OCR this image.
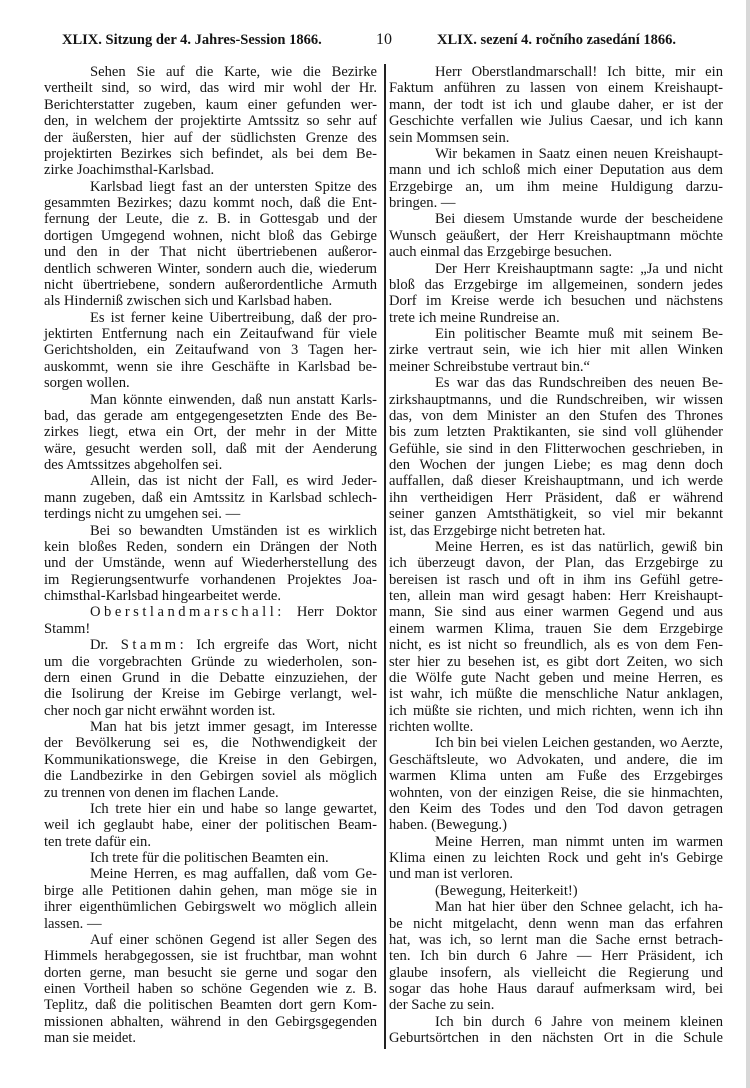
XLIX. Sitzung der 4. Jahres-Session 1866.	10	XLIX. sezení 4. ročního zasedání 1866.
Sehen Sie auf die Karte, wie die Bezirke
vertheilt sind, so wird, das wird mir wohl der Hr.
Berichterstatter zugeben, kaum einer gefunden wer-
den, in welchem der projektirte Amtssitz so sehr auf
der äußersten, hier auf der südlichsten Grenze des
projektirten Bezirkes sich befindet, als bei dem Be-
zirke Joachimsthal-Karlsbad.
Karlsbad liegt fast an der untersten Spitze des
gesammten Bezirkes; dazu kommt noch, daß die Ent-
fernung der Leute, die z. B. in Gottesgab und der
dortigen Umgegend wohnen, nicht bloß das Gebirge
und den in der That nicht übertriebenen außeror-
dentlich schweren Winter, sondern auch die, wiederum
nicht übertriebene, sondern außerordentliche Armuth
als Hinderniß zwischen sich und Karlsbad haben.
Es ist ferner keine Uibertreibung, daß der pro-
jektirten Entfernung nach ein Zeitaufwand für viele
Gerichtsholden, ein Zeitaufwand von 3 Tagen her-
auskommt, wenn sie ihre Geschäfte in Karlsbad be-
sorgen wollen.
Man könnte einwenden, daß nun anstatt Karls-
bad, das gerade am entgegengesetzten Ende des Be-
zirkes liegt, etwa ein Ort, der mehr in der Mitte
wäre, gesucht werden soll, daß mit der Aenderung
des Amtssitzes abgeholfen sei.
Allein, das ist nicht der Fall, es wird Jeder-
mann zugeben, daß ein Amtssitz in Karlsbad schlech-
terdings nicht zu umgehen sei. —
Bei so bewandten Umständen ist es wirklich
kein bloßes Reden, sondern ein Drängen der Noth
und der Umstände, wenn auf Wiederherstellung des
im Regierungsentwurfe vorhandenen Projektes Joa-
chimsthal-Karlsbad hingearbeitet werde.
Oberstlandmarschall: Herr Doktor
Stamm!
Dr. Stamm: Ich ergreife das Wort, nicht
um die vorgebrachten Gründe zu wiederholen, son-
dern einen Grund in die Debatte einzuziehen, der
die Isolirung der Kreise im Gebirge verlangt, wel-
cher noch gar nicht erwähnt worden ist.
Man hat bis jetzt immer gesagt, im Interesse
der Bevölkerung sei es, die Nothwendigkeit der
Kommunikationswege, die Kreise in den Gebirgen,
die Landbezirke in den Gebirgen soviel als möglich
zu trennen von denen im flachen Lande.
Ich trete hier ein und habe so lange gewartet,
weil ich geglaubt habe, einer der politischen Beam-
ten trete dafür ein.
Ich trete für die politischen Beamten ein.
Meine Herren, es mag auffallen, daß vom Ge-
birge alle Petitionen dahin gehen, man möge sie in
ihrer eigenthümlichen Gebirgswelt wo möglich allein
lassen. —
Auf einer schönen Gegend ist aller Segen des
Himmels herabgegossen, sie ist fruchtbar, man wohnt
dorten gerne, man besucht sie gerne und sogar den
einen Vortheil haben so schöne Gegenden wie z. B.
Teplitz, daß die politischen Beamten dort gern Kom-
missionen abhalten, während in den Gebirgsgegenden
man sie meidet.
Herr Oberstlandmarschall! Ich bitte, mir ein
Faktum anführen zu lassen von einem Kreishaupt-
mann, der todt ist ich und glaube daher, er ist der
Geschichte verfallen wie Julius Caesar, und ich kann
sein Mommsen sein.
Wir bekamen in Saatz einen neuen Kreishaupt-
mann und ich schloß mich einer Deputation aus dem
Erzgebirge an, um ihm meine Huldigung darzu-
bringen. —
Bei diesem Umstande wurde der bescheidene
Wunsch geäußert, der Herr Kreishauptmann möchte
auch einmal das Erzgebirge besuchen.
Der Herr Kreishauptmann sagte: „Ja und nicht
bloß das Erzgebirge im allgemeinen, sondern jedes
Dorf im Kreise werde ich besuchen und nächstens
trete ich meine Rundreise an.
Ein politischer Beamte muß mit seinem Be-
zirke vertraut sein, wie ich hier mit allen Winken
meiner Schreibstube vertraut bin.“
Es war das das Rundschreiben des neuen Be-
zirkshauptmanns, und die Rundschreiben, wir wissen
das, von dem Minister an den Stufen des Thrones
bis zum letzten Praktikanten, sie sind voll glühender
Gefühle, sie sind in den Flitterwochen geschrieben, in
den Wochen der jungen Liebe; es mag denn doch
auffallen, daß dieser Kreishauptmann, und ich werde
ihn vertheidigen Herr Präsident, daß er während
seiner ganzen Amtsthätigkeit, so viel mir bekannt
ist, das Erzgebirge nicht betreten hat.
Meine Herren, es ist das natürlich, gewiß bin
ich überzeugt davon, der Plan, das Erzgebirge zu
bereisen ist rasch und oft in ihm ins Gefühl getre-
ten, allein man wird gesagt haben: Herr Kreishaupt-
mann, Sie sind aus einer warmen Gegend und aus
einem warmen Klima, trauen Sie dem Erzgebirge
nicht, es ist nicht so freundlich, als es von dem Fen-
ster hier zu besehen ist, es gibt dort Zeiten, wo sich
die Wölfe gute Nacht geben und meine Herren, es
ist wahr, ich müßte die menschliche Natur anklagen,
ich müßte sie richten, und mich richten, wenn ich ihn
richten wollte.
Ich bin bei vielen Leichen gestanden, wo Aerzte,
Geschäftsleute, wo Advokaten, und andere, die im
warmen Klima unten am Fuße des Erzgebirges
wohnten, von der einzigen Reise, die sie hinmachten,
den Keim des Todes und den Tod davon getragen
haben. (Bewegung.)
Meine Herren, man nimmt unten im warmen
Klima einen zu leichten Rock und geht in's Gebirge
und man ist verloren.
(Bewegung, Heiterkeit!)
Man hat hier über den Schnee gelacht, ich ha-
be nicht mitgelacht, denn wenn man das erfahren
hat, was ich, so lernt man die Sache ernst betrach-
ten. Ich bin durch 6 Jahre — Herr Präsident, ich
glaube insofern, als vielleicht die Regierung und
sogar das hohe Haus darauf aufmerksam wird, bei
der Sache zu sein.
Ich bin durch 6 Jahre von meinem kleinen
Geburtsörtchen in den nächsten Ort in die Schule
